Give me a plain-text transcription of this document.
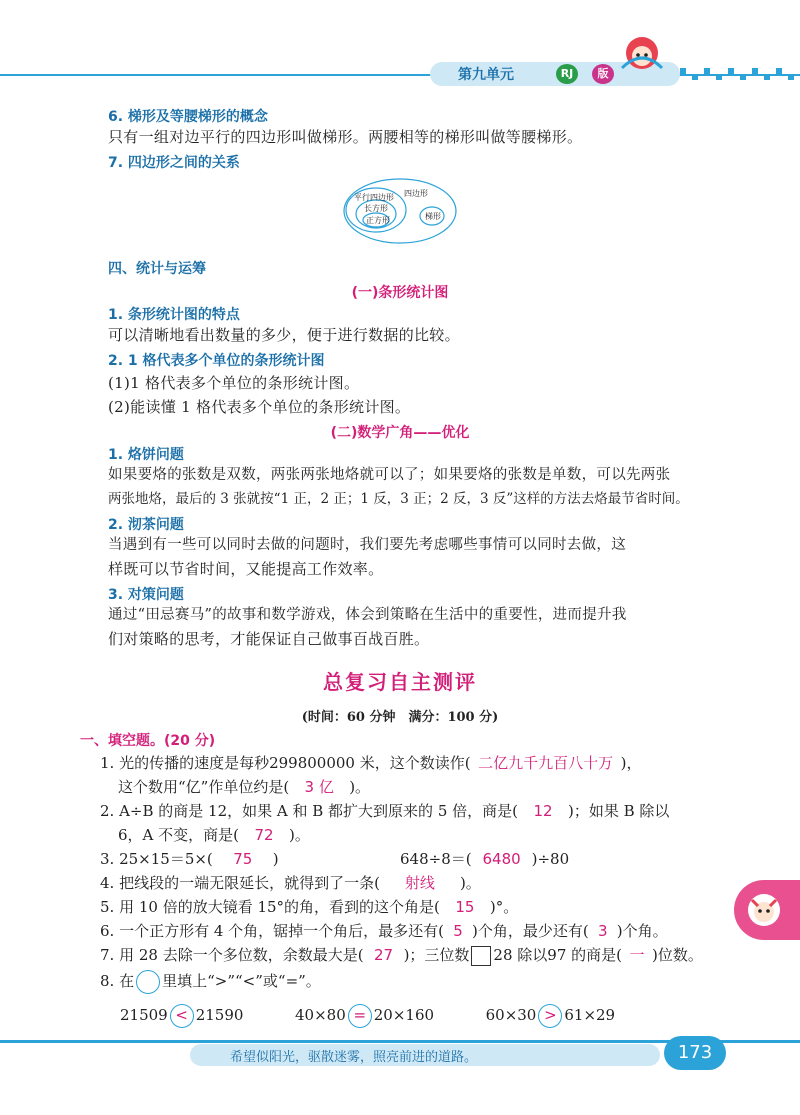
第九单元	RJ	版
6. 梯形及等腰梯形的概念
只有一组对边平行的四边形叫做梯形。两腰相等的梯形叫做等腰梯形。
7. 四边形之间的关系
平行四边形
长方形
正方形
四边形
梯形
四、统计与运筹
(一)条形统计图
1. 条形统计图的特点
可以清晰地看出数量的多少，便于进行数据的比较。
2. 1 格代表多个单位的条形统计图
(1)1 格代表多个单位的条形统计图。
(2)能读懂 1 格代表多个单位的条形统计图。
(二)数学广角——优化
1. 烙饼问题
如果要烙的张数是双数，两张两张地烙就可以了；如果要烙的张数是单数，可以先两张
两张地烙，最后的 3 张就按“1 正，2 正；1 反，3 正；2 反，3 反”这样的方法去烙最节省时间。
2. 沏茶问题
当遇到有一些可以同时去做的问题时，我们要先考虑哪些事情可以同时去做，这
样既可以节省时间，又能提高工作效率。
3. 对策问题
通过“田忌赛马”的故事和数学游戏，体会到策略在生活中的重要性，进而提升我
们对策略的思考，才能保证自己做事百战百胜。
总复习自主测评
(时间：60 分钟　满分：100 分)
一、填空题。(20 分)
1. 光的传播的速度是每秒299800000 米，这个数读作( 二亿九千九百八十万 )，
这个数用“亿”作单位约是( 3 亿 )。
2. A÷B 的商是 12，如果 A 和 B 都扩大到原来的 5 倍，商是( 12 )；如果 B 除以
6，A 不变，商是( 72 )。
3. 25×15＝5×( 75 )	648÷8＝( 6480 )÷80
4. 把线段的一端无限延长，就得到了一条( 射线 )。
5. 用 10 倍的放大镜看 15°的角，看到的这个角是( 15 )°。
6. 一个正方形有 4 个角，锯掉一个角后，最多还有( 5 )个角，最少还有( 3 )个角。
7. 用 28 去除一个多位数，余数最大是( 27 )；三位数 28 除以97 的商是( 一 )位数。
8. 在 里填上“>”“<”或“=”。
21509 < 21590	40×80 = 20×160	60×30 > 61×29
希望似阳光，驱散迷雾，照亮前进的道路。	173
